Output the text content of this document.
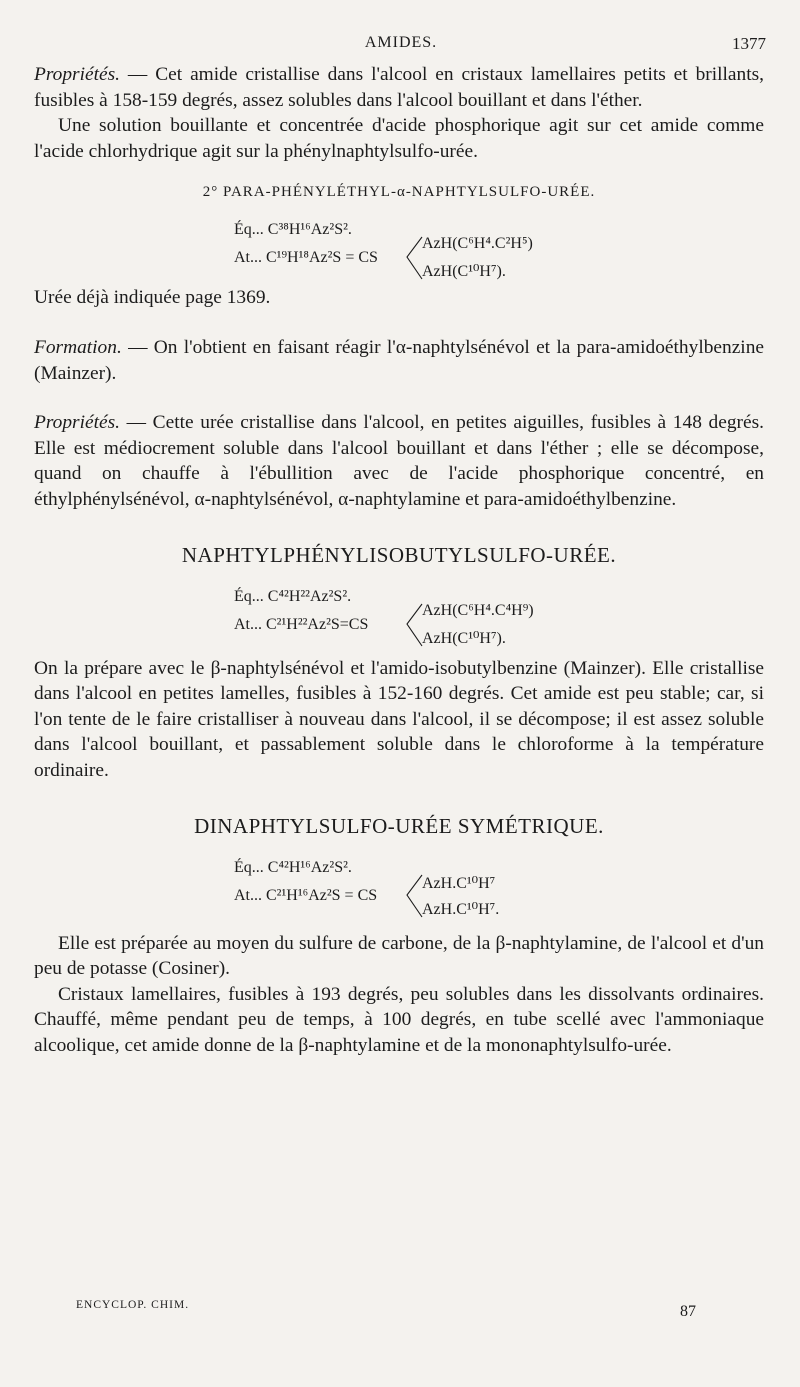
AMIDES.	1377

Propriétés. — Cet amide cristallise dans l'alcool en cristaux lamellaires petits et brillants, fusibles à 158-159 degrés, assez solubles dans l'alcool bouillant et dans l'éther.

Une solution bouillante et concentrée d'acide phosphorique agit sur cet amide comme l'acide chlorhydrique agit sur la phénylnaphtylsulfo-urée.

2° PARA-PHÉNYLÉTHYL-α-NAPHTYLSULFO-URÉE.
Éq... C³⁸H¹⁶Az²S².
At... C¹⁹H¹⁸Az²S = CS
AzH(C⁶H⁴.C²H⁵)
AzH(C¹⁰H⁷).

Urée déjà indiquée page 1369.

Formation. — On l'obtient en faisant réagir l'α-naphtylsénévol et la para-amidoéthylbenzine (Mainzer).

Propriétés. — Cette urée cristallise dans l'alcool, en petites aiguilles, fusibles à 148 degrés. Elle est médiocrement soluble dans l'alcool bouillant et dans l'éther ; elle se décompose, quand on chauffe à l'ébullition avec de l'acide phosphorique concentré, en éthylphénylsénévol, α-naphtylsénévol, α-naphtylamine et para-amidoéthylbenzine.

NAPHTYLPHÉNYLISOBUTYLSULFO-URÉE.
Éq... C⁴²H²²Az²S².
At... C²¹H²²Az²S=CS
AzH(C⁶H⁴.C⁴H⁹)
AzH(C¹⁰H⁷).

On la prépare avec le β-naphtylsénévol et l'amido-isobutylbenzine (Mainzer). Elle cristallise dans l'alcool en petites lamelles, fusibles à 152-160 degrés. Cet amide est peu stable; car, si l'on tente de le faire cristalliser à nouveau dans l'alcool, il se décompose; il est assez soluble dans l'alcool bouillant, et passablement soluble dans le chloroforme à la température ordinaire.

DINAPHTYLSULFO-URÉE SYMÉTRIQUE.
Éq... C⁴²H¹⁶Az²S².
At... C²¹H¹⁶Az²S = CS
AzH.C¹⁰H⁷
AzH.C¹⁰H⁷.

Elle est préparée au moyen du sulfure de carbone, de la β-naphtylamine, de l'alcool et d'un peu de potasse (Cosiner).

Cristaux lamellaires, fusibles à 193 degrés, peu solubles dans les dissolvants ordinaires. Chauffé, même pendant peu de temps, à 100 degrés, en tube scellé avec l'ammoniaque alcoolique, cet amide donne de la β-naphtylamine et de la mononaphtylsulfo-urée.

ENCYCLOP. CHIM.	87
